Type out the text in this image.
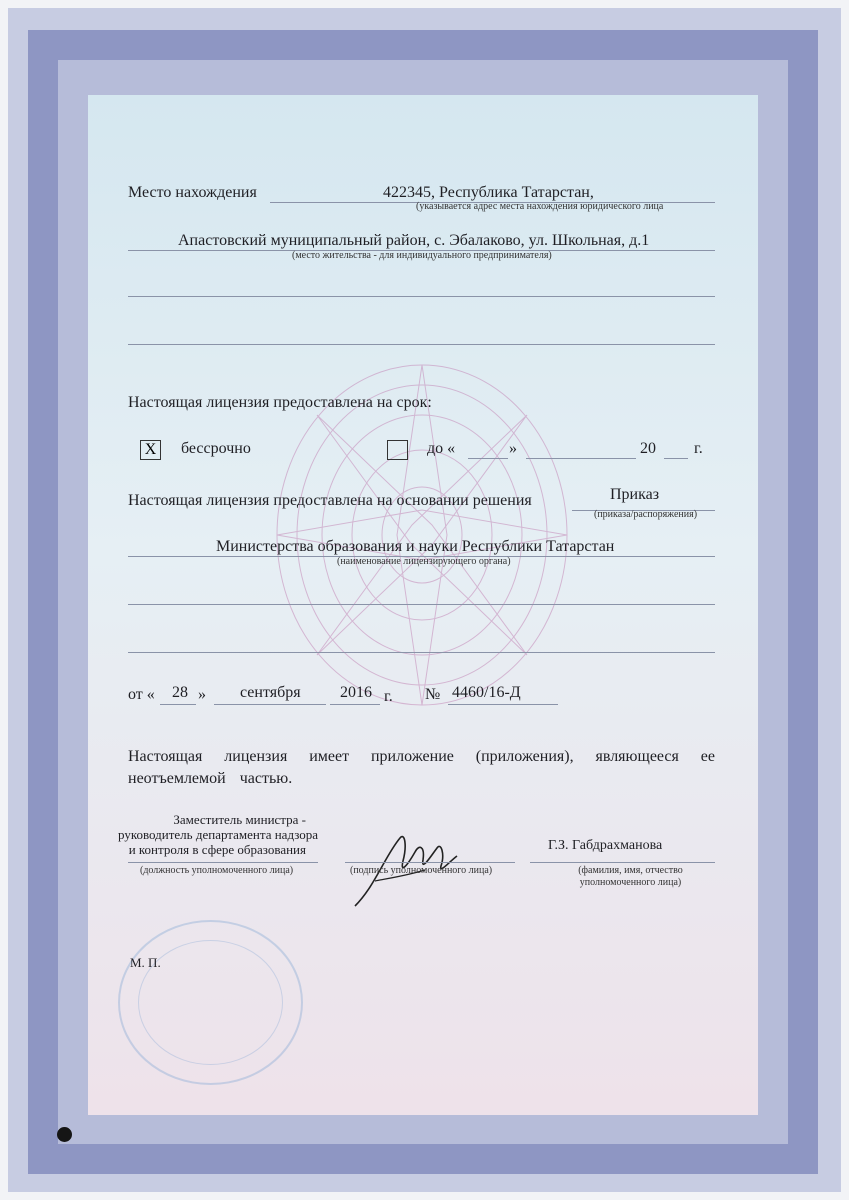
Место нахождения	422345, Республика Татарстан,
(указывается адрес места нахождения юридического лица
Апастовский муниципальный район, с. Эбалаково, ул. Школьная, д.1
(место жительства - для индивидуального предпринимателя)
Настоящая лицензия предоставлена на срок:
X бессрочно	до «	»	20 г.
Настоящая лицензия предоставлена на основании решения	Приказ
(приказа/распоряжения)
Министерства образования и науки Республики Татарстан
(наименование лицензирующего органа)
от « 28 » сентября 2016 г. № 4460/16-Д
Настоящая лицензия имеет приложение (приложения), являющееся ее
неотъемлемой частью.
Заместитель министра -
руководитель департамента надзора
и контроля в сфере образования
(должность уполномоченного лица)	(подпись уполномоченного лица)
Г.З. Габдрахманова
(фамилия, имя, отчество
уполномоченного лица)
М. П.
